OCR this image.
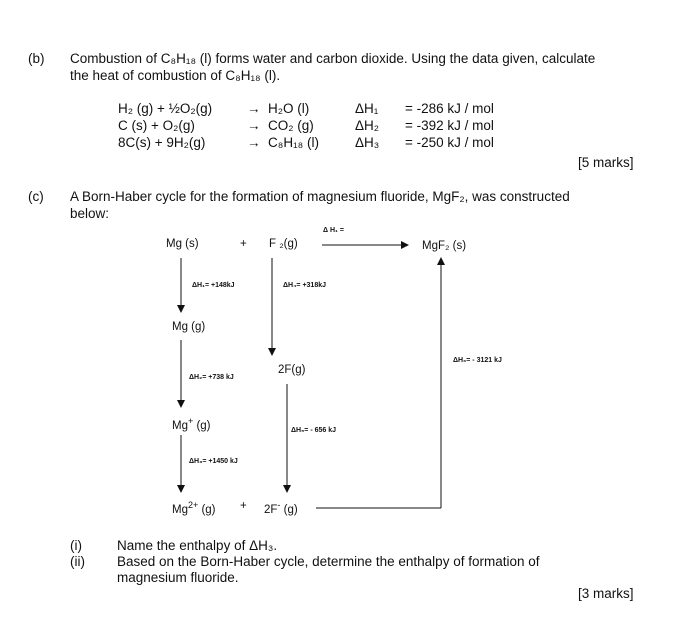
(b) Combustion of C₈H₁₈ (l) forms water and carbon dioxide. Using the data given, calculate
the heat of combustion of C₈H₁₈ (l).
H₂ (g) + ½O₂(g)	→ H₂O (l)	ΔH₁ = -286 kJ / mol
C (s) + O₂(g)	→ CO₂ (g)	ΔH₂ = -392 kJ / mol
8C(s) + 9H₂(g)	→ C₈H₁₈ (l)	ΔH₃ = -250 kJ / mol
[5 marks]
(c) A Born-Haber cycle for the formation of magnesium fluoride, MgF₂, was constructed
below:
Mg (s)	+ F ₂(g)
Δ H₁ =
MgF₂ (s)
ΔH₁= +148kJ	ΔH₄= +318kJ
Mg (g)
ΔH₂= +738 kJ
2F(g)
ΔH₆= - 3121 kJ
Mg+ (g)	ΔH₅= - 656 kJ
ΔH₃= +1450 kJ
$Mg^{2+}$ (g) + 2F- (g)
(i)	Name the enthalpy of ΔH₃.
(ii) Based on the Born-Haber cycle, determine the enthalpy of formation of
magnesium fluoride.
[3 marks]
